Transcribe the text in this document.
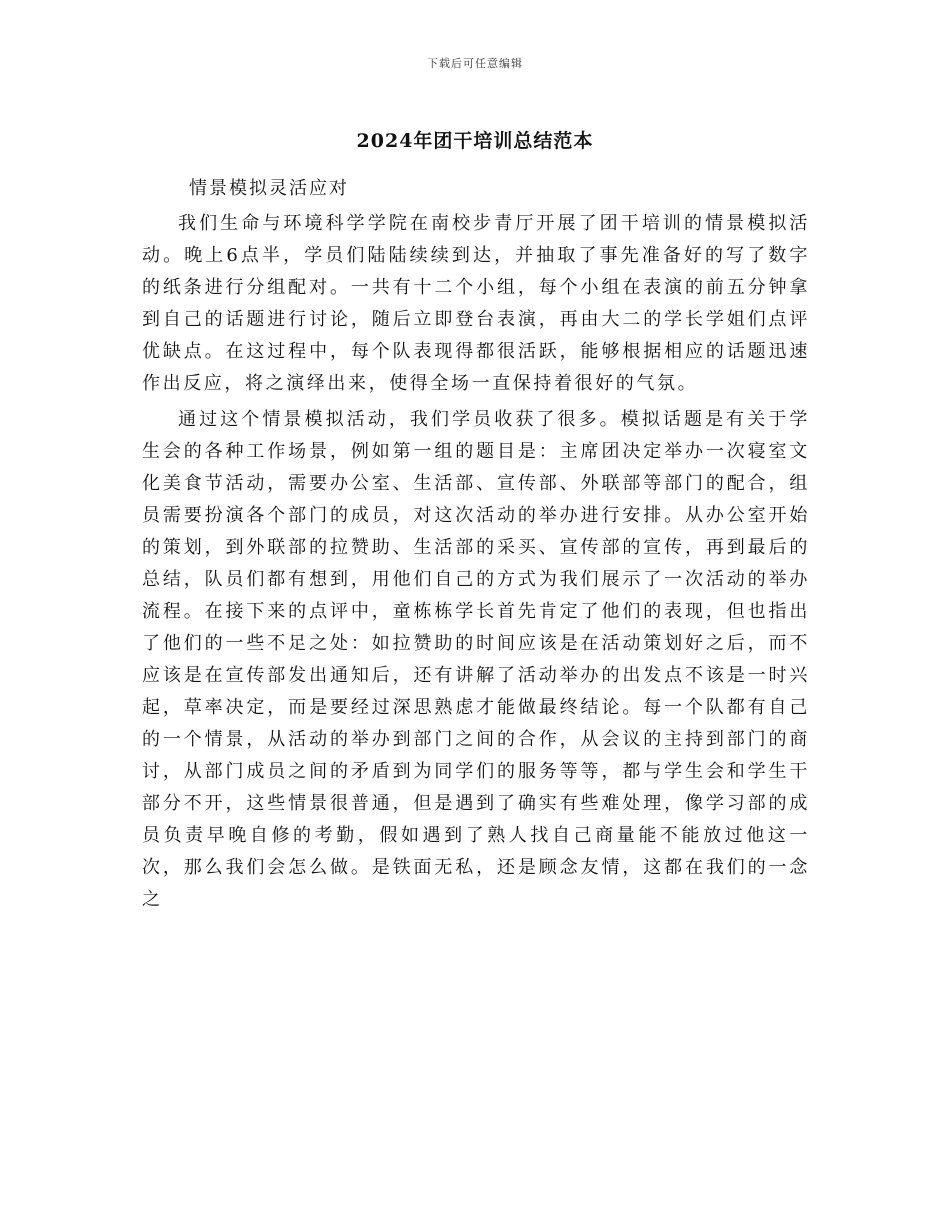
下载后可任意编辑
2024年团干培训总结范本
情景模拟灵活应对

我们生命与环境科学学院在南校步青厅开展了团干培训的情景模拟活动。晚上6点半，学员们陆陆续续到达，并抽取了事先准备好的写了数字的纸条进行分组配对。一共有十二个小组，每个小组在表演的前五分钟拿到自己的话题进行讨论，随后立即登台表演，再由大二的学长学姐们点评优缺点。在这过程中，每个队表现得都很活跃，能够根据相应的话题迅速作出反应，将之演绎出来，使得全场一直保持着很好的气氛。

通过这个情景模拟活动，我们学员收获了很多。模拟话题是有关于学生会的各种工作场景，例如第一组的题目是：主席团决定举办一次寝室文化美食节活动，需要办公室、生活部、宣传部、外联部等部门的配合，组员需要扮演各个部门的成员，对这次活动的举办进行安排。从办公室开始的策划，到外联部的拉赞助、生活部的采买、宣传部的宣传，再到最后的总结，队员们都有想到，用他们自己的方式为我们展示了一次活动的举办流程。在接下来的点评中，童栋栋学长首先肯定了他们的表现，但也指出了他们的一些不足之处：如拉赞助的时间应该是在活动策划好之后，而不应该是在宣传部发出通知后，还有讲解了活动举办的出发点不该是一时兴起，草率决定，而是要经过深思熟虑才能做最终结论。每一个队都有自己的一个情景，从活动的举办到部门之间的合作，从会议的主持到部门的商讨，从部门成员之间的矛盾到为同学们的服务等等，都与学生会和学生干部分不开，这些情景很普通，但是遇到了确实有些难处理，像学习部的成员负责早晚自修的考勤，假如遇到了熟人找自己商量能不能放过他这一次，那么我们会怎么做。是铁面无私，还是顾念友情，这都在我们的一念之
